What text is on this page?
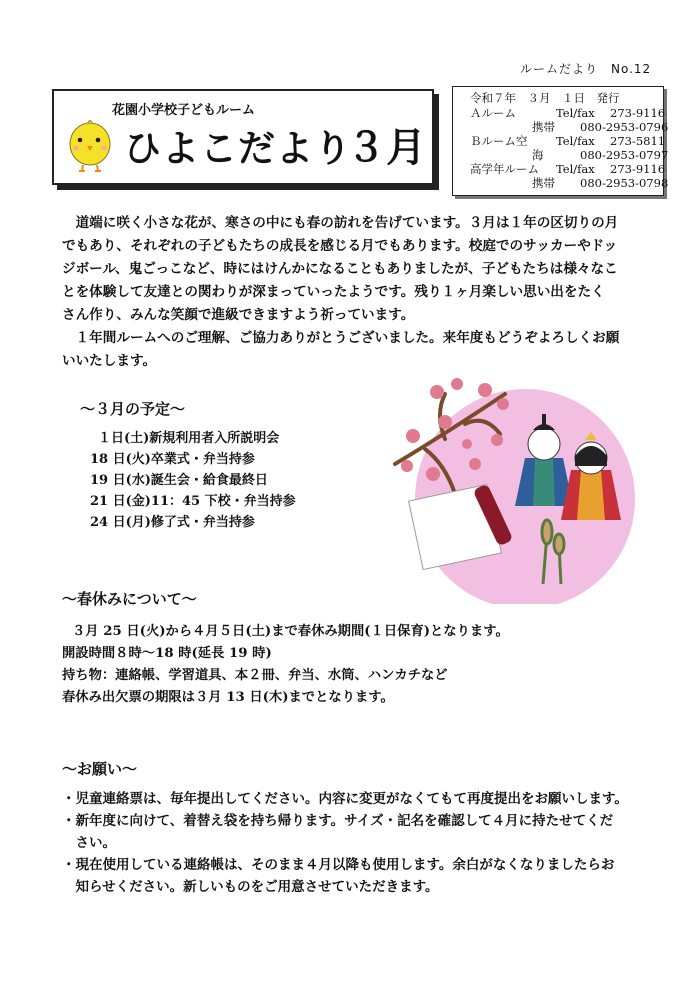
ルームだより　No.12
花園小学校子どもルーム
ひよこだより
３月
令和７年　３月　１日　発行
Ａルーム	Tel/fax 273-9116
携帯 080-2953-0796
Ｂルーム空 Tel/fax 273-5811
海	080-2953-0797
高学年ルーム Tel/fax 273-9116
携帯 080-2953-0798
　道端に咲く小さな花が、寒さの中にも春の訪れを告げています。３月は１年の区切りの月
でもあり、それぞれの子どもたちの成長を感じる月でもあります。校庭でのサッカーやドッ
ジボール、鬼ごっこなど、時にはけんかになることもありましたが、子どもたちは様々なこ
とを体験して友達との関わりが深まっていったようです。残り１ヶ月楽しい思い出をたく
さん作り、みんな笑顔で進級できますよう祈っています。
　１年間ルームへのご理解、ご協力ありがとうございました。来年度もどうぞよろしくお願
いいたします。
～３月の予定～
１日(土)新規利用者入所説明会
18 日(火)卒業式・弁当持参
19 日(水)誕生会・給食最終日
21 日(金)11：45 下校・弁当持参
24 日(月)修了式・弁当持参
～春休みについて～
３月 25 日(火)から４月５日(土)まで春休み期間(１日保育)となります。
開設時間８時～18 時(延長 19 時)
持ち物：連絡帳、学習道具、本２冊、弁当、水筒、ハンカチなど
春休み出欠票の期限は３月 13 日(木)までとなります。
～お願い～
・児童連絡票は、毎年提出してください。内容に変更がなくてもて再度提出をお願いします。
・新年度に向けて、着替え袋を持ち帰ります。サイズ・記名を確認して４月に持たせてくだ
　さい。
・現在使用している連絡帳は、そのまま４月以降も使用します。余白がなくなりましたらお
　知らせください。新しいものをご用意させていただきます。
